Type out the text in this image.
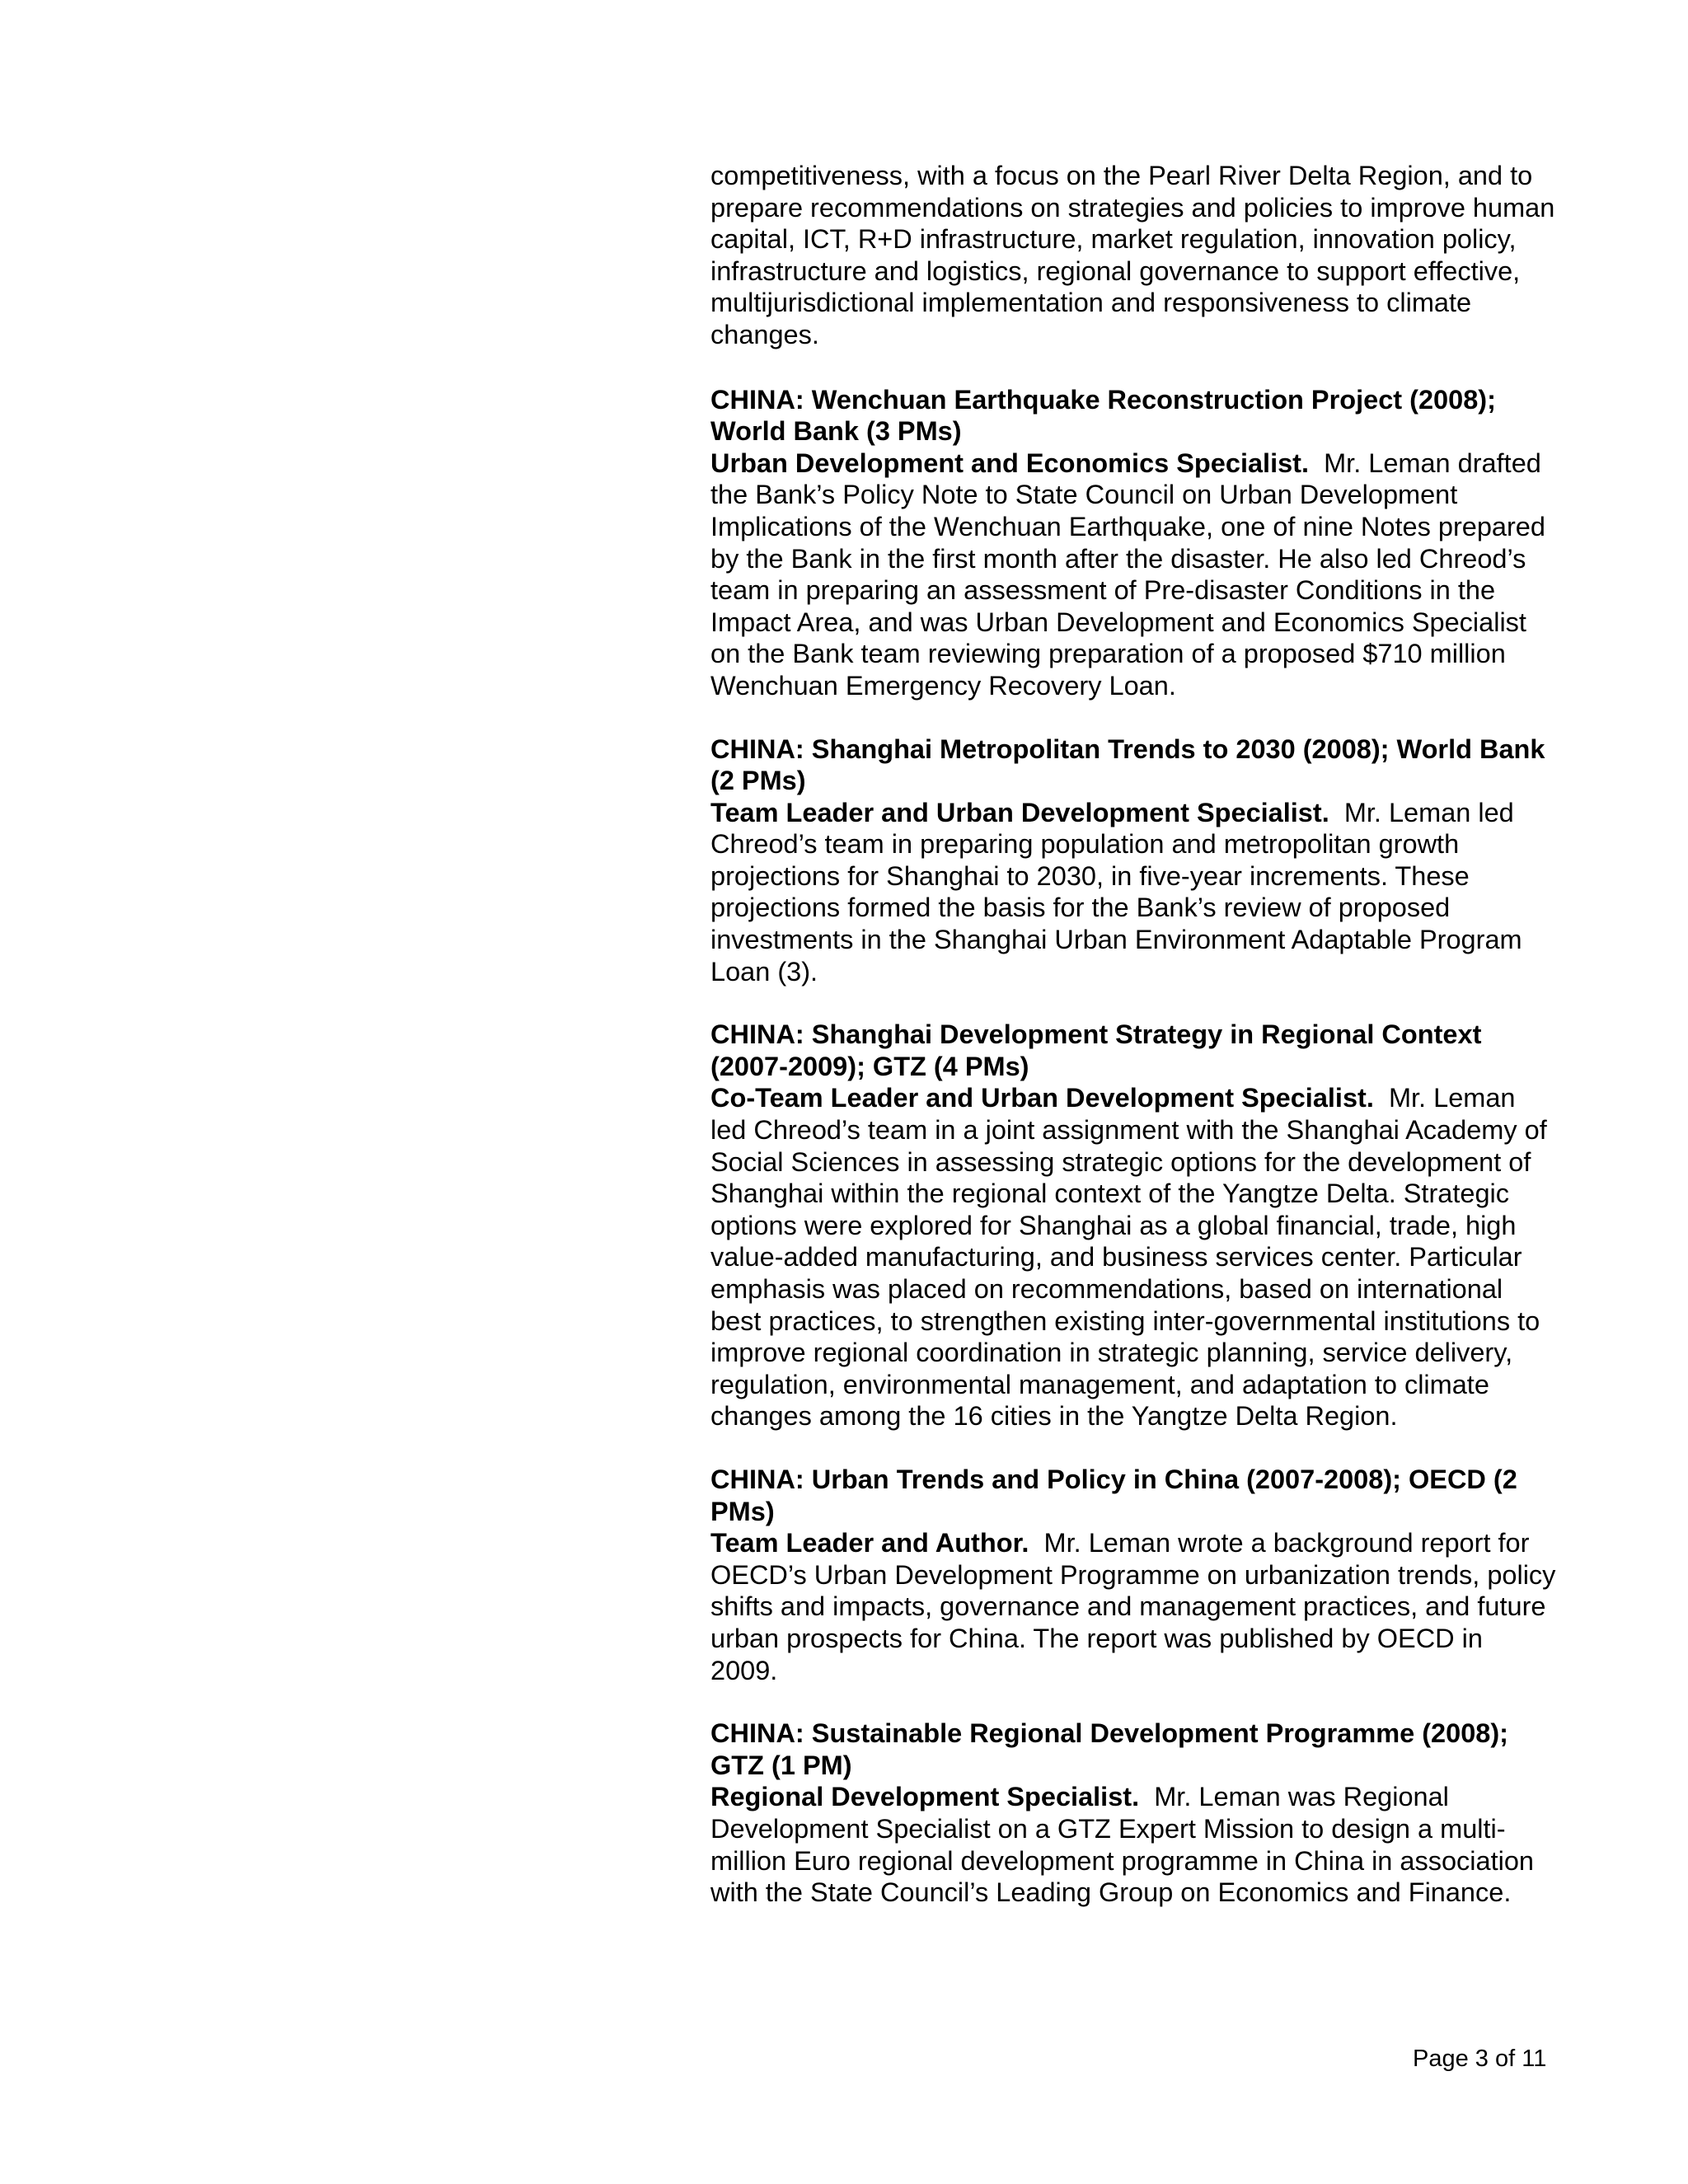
competitiveness, with a focus on the Pearl River Delta Region, and to prepare recommendations on strategies and policies to improve human capital, ICT, R+D infrastructure, market regulation, innovation policy, infrastructure and logistics, regional governance to support effective, multijurisdictional implementation and responsiveness to climate changes.

CHINA: Wenchuan Earthquake Reconstruction Project (2008); World Bank (3 PMs)

Urban Development and Economics Specialist. Mr. Leman drafted the Bank’s Policy Note to State Council on Urban Development Implications of the Wenchuan Earthquake, one of nine Notes prepared by the Bank in the first month after the disaster. He also led Chreod’s team in preparing an assessment of Pre-disaster Conditions in the Impact Area, and was Urban Development and Economics Specialist on the Bank team reviewing preparation of a proposed $710 million Wenchuan Emergency Recovery Loan.

CHINA: Shanghai Metropolitan Trends to 2030 (2008); World Bank (2 PMs)

Team Leader and Urban Development Specialist. Mr. Leman led Chreod’s team in preparing population and metropolitan growth projections for Shanghai to 2030, in five-year increments. These projections formed the basis for the Bank’s review of proposed investments in the Shanghai Urban Environment Adaptable Program Loan (3).

CHINA: Shanghai Development Strategy in Regional Context (2007-2009); GTZ (4 PMs)

Co-Team Leader and Urban Development Specialist. Mr. Leman led Chreod’s team in a joint assignment with the Shanghai Academy of Social Sciences in assessing strategic options for the development of Shanghai within the regional context of the Yangtze Delta. Strategic options were explored for Shanghai as a global financial, trade, high value-added manufacturing, and business services center. Particular emphasis was placed on recommendations, based on international best practices, to strengthen existing inter-governmental institutions to improve regional coordination in strategic planning, service delivery, regulation, environmental management, and adaptation to climate changes among the 16 cities in the Yangtze Delta Region.

CHINA: Urban Trends and Policy in China (2007-2008); OECD (2 PMs)

Team Leader and Author. Mr. Leman wrote a background report for OECD’s Urban Development Programme on urbanization trends, policy shifts and impacts, governance and management practices, and future urban prospects for China. The report was published by OECD in 2009.

CHINA: Sustainable Regional Development Programme (2008); GTZ (1 PM)

Regional Development Specialist. Mr. Leman was Regional Development Specialist on a GTZ Expert Mission to design a multi-million Euro regional development programme in China in association with the State Council’s Leading Group on Economics and Finance.

Page 3 of 11
